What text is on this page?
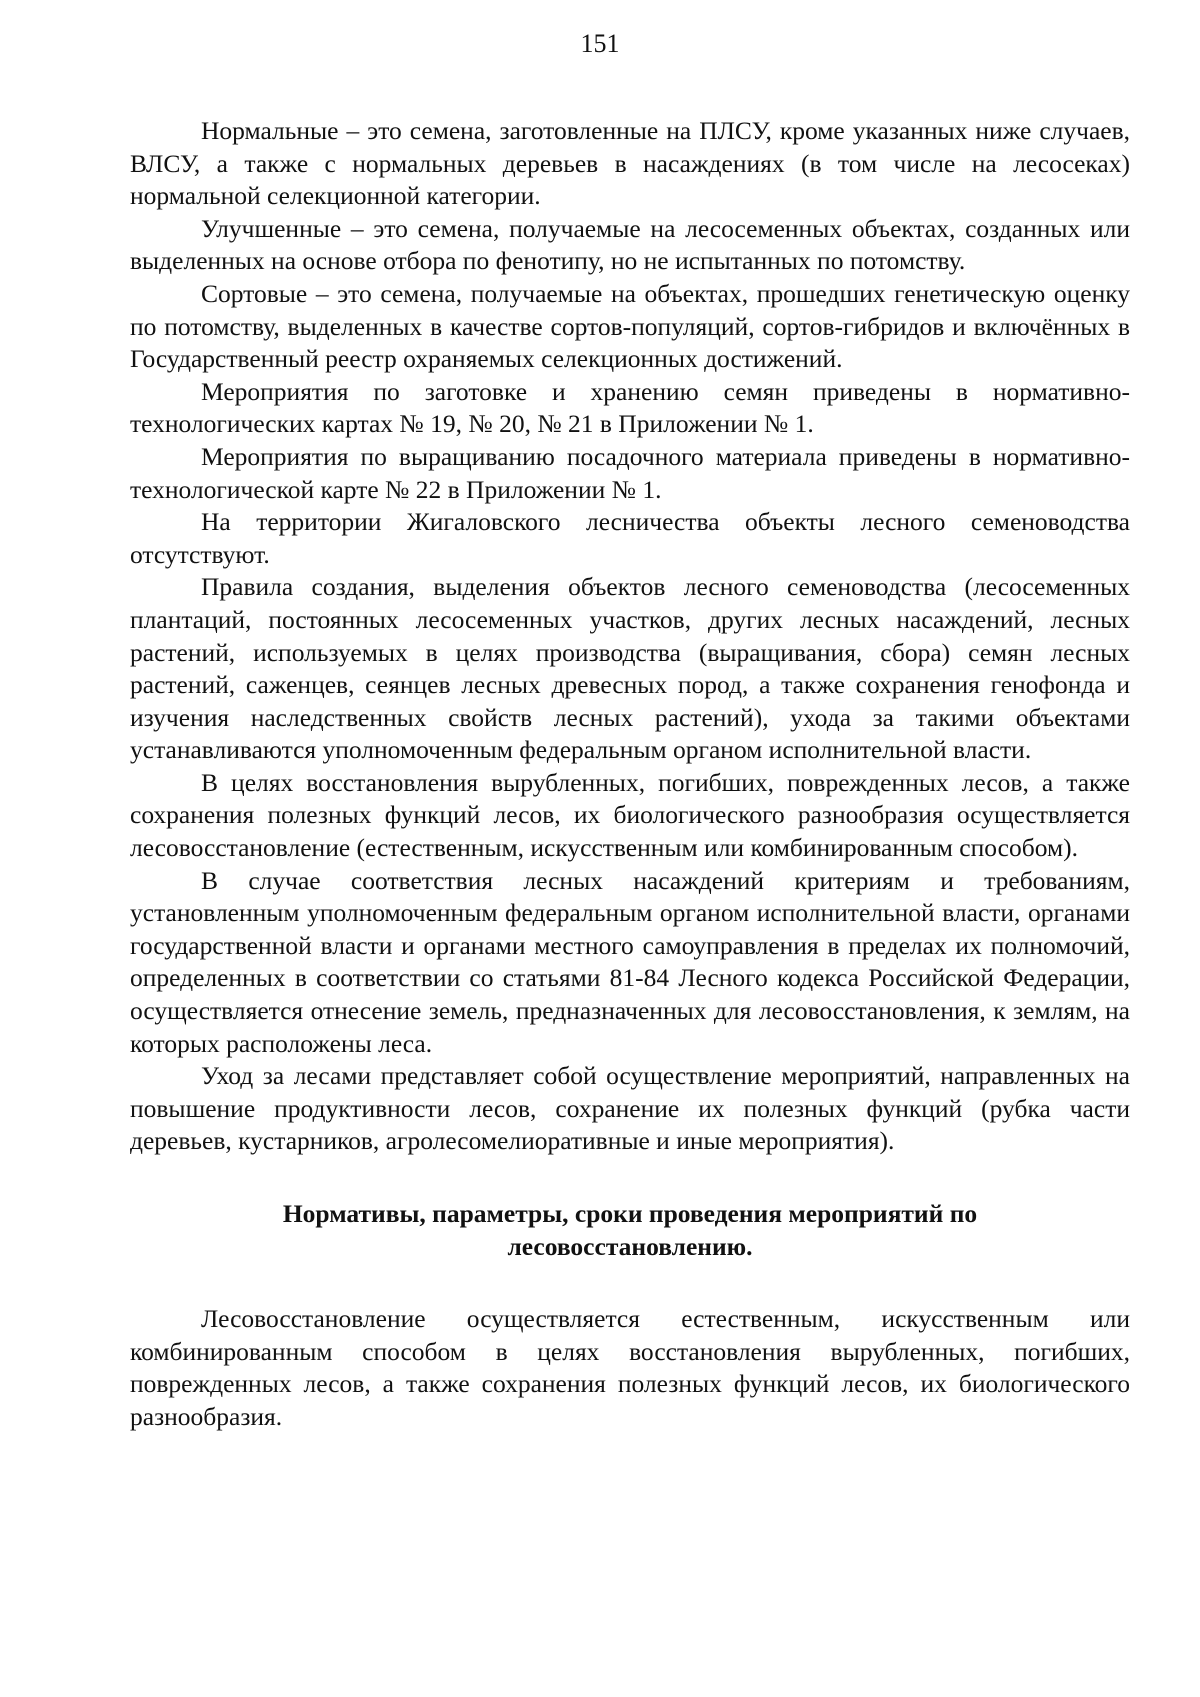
151

Нормальные – это семена, заготовленные на ПЛСУ, кроме указанных ниже случаев, ВЛСУ, а также с нормальных деревьев в насаждениях (в том числе на лесосеках) нормальной селекционной категории.

Улучшенные – это семена, получаемые на лесосеменных объектах, созданных или выделенных на основе отбора по фенотипу, но не испытанных по потомству.

Сортовые – это семена, получаемые на объектах, прошедших генетическую оценку по потомству, выделенных в качестве сортов-популяций, сортов-гибридов и включённых в Государственный реестр охраняемых селекционных достижений.

Мероприятия по заготовке и хранению семян приведены в нормативно-технологических картах № 19, № 20, № 21 в Приложении № 1.

Мероприятия по выращиванию посадочного материала приведены в нормативно-технологической карте № 22 в Приложении № 1.

На территории Жигаловского лесничества объекты лесного семеноводства отсутствуют.

Правила создания, выделения объектов лесного семеноводства (лесосеменных плантаций, постоянных лесосеменных участков, других лесных насаждений, лесных растений, используемых в целях производства (выращивания, сбора) семян лесных растений, саженцев, сеянцев лесных древесных пород, а также сохранения генофонда и изучения наследственных свойств лесных растений), ухода за такими объектами устанавливаются уполномоченным федеральным органом исполнительной власти.

В целях восстановления вырубленных, погибших, поврежденных лесов, а также сохранения полезных функций лесов, их биологического разнообразия осуществляется лесовосстановление (естественным, искусственным или комбинированным способом).

В случае соответствия лесных насаждений критериям и требованиям, установленным уполномоченным федеральным органом исполнительной власти, органами государственной власти и органами местного самоуправления в пределах их полномочий, определенных в соответствии со статьями 81-84 Лесного кодекса Российской Федерации, осуществляется отнесение земель, предназначенных для лесовосстановления, к землям, на которых расположены леса.

Уход за лесами представляет собой осуществление мероприятий, направленных на повышение продуктивности лесов, сохранение их полезных функций (рубка части деревьев, кустарников, агролесомелиоративные и иные мероприятия).

Нормативы, параметры, сроки проведения мероприятий по лесовосстановлению.

Лесовосстановление осуществляется естественным, искусственным или комбинированным способом в целях восстановления вырубленных, погибших, поврежденных лесов, а также сохранения полезных функций лесов, их биологического разнообразия.
